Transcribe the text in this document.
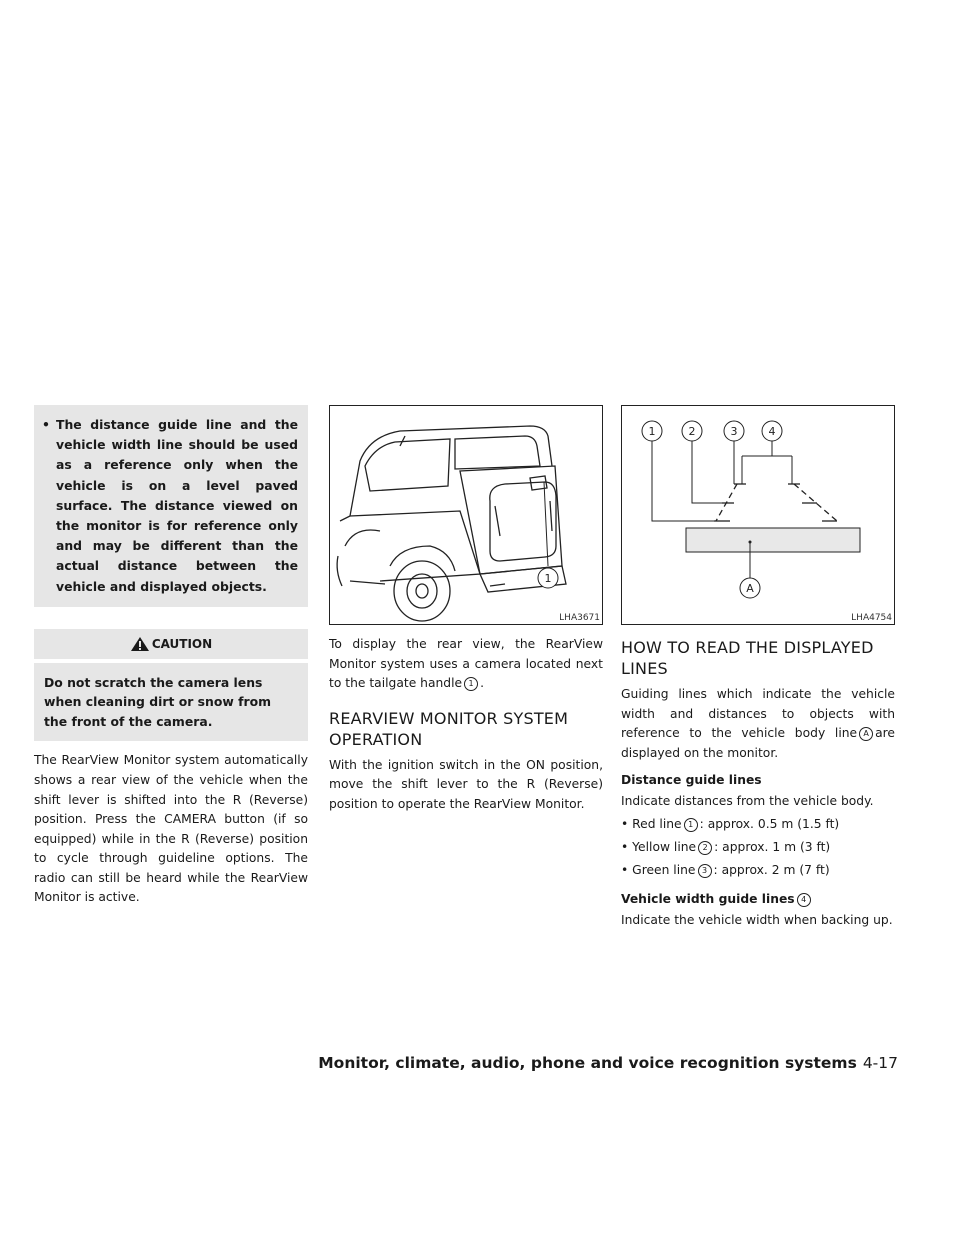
• The distance guide line and the vehicle width line should be used as a reference only when the vehicle is on a level paved surface. The distance viewed on the monitor is for reference only and may be different than the actual distance between the vehicle and displayed objects.
CAUTION
Do not scratch the camera lens when cleaning dirt or snow from the front of the camera.

The RearView Monitor system automatically shows a rear view of the vehicle when the shift lever is shifted into the R (Reverse) position. Press the CAMERA button (if so equipped) while in the R (Reverse) position to cycle through guideline options. The radio can still be heard while the RearView Monitor is active.

1
LHA3671

To display the rear view, the RearView Monitor system uses a camera located next to the tailgate handle 1 .

REARVIEW MONITOR SYSTEM OPERATION

With the ignition switch in the ON position, move the shift lever to the R (Reverse) position to operate the RearView Monitor.

1	2	3	4
A
LHA4754
HOW TO READ THE DISPLAYED LINES

Guiding lines which indicate the vehicle width and distances to objects with reference to the vehicle body line A are displayed on the monitor.

Distance guide lines
Indicate distances from the vehicle body.
• Red line 1 : approx. 0.5 m (1.5 ft)
• Yellow line 2 : approx. 1 m (3 ft)
• Green line 3 : approx. 2 m (7 ft)
Vehicle width guide lines 4
Indicate the vehicle width when backing up.
Monitor, climate, audio, phone and voice recognition systems 4-17
